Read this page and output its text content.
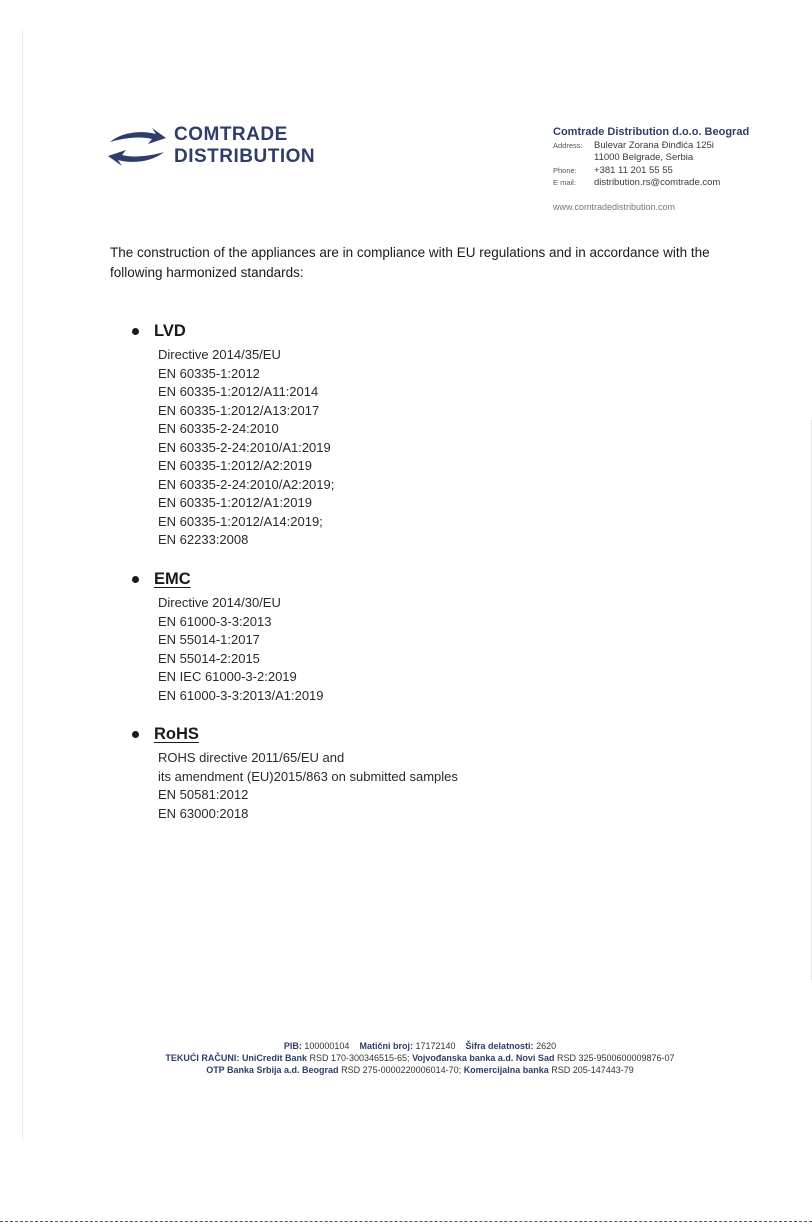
COMTRADE
DISTRIBUTION
Comtrade Distribution d.o.o. Beograd
Address:	Bulevar Zorana Đinđića 125i
11000 Belgrade, Serbia
Phone:	+381 11 201 55 55
E mail:	distribution.rs@comtrade.com
www.comtradedistribution.com
The construction of the appliances are in compliance with EU regulations and in accordance with the following harmonized standards:
LVD
Directive 2014/35/EU
EN 60335-1:2012
EN 60335-1:2012/A11:2014
EN 60335-1:2012/A13:2017
EN 60335-2-24:2010
EN 60335-2-24:2010/A1:2019
EN 60335-1:2012/A2:2019
EN 60335-2-24:2010/A2:2019;
EN 60335-1:2012/A1:2019
EN 60335-1:2012/A14:2019;
EN 62233:2008
EMC
Directive 2014/30/EU
EN 61000-3-3:2013
EN 55014-1:2017
EN 55014-2:2015
EN IEC 61000-3-2:2019
EN 61000-3-3:2013/A1:2019
RoHS
ROHS directive 2011/65/EU and
its amendment (EU)2015/863 on submitted samples
EN 50581:2012
EN 63000:2018
PIB: 100000104 Matični broj: 17172140 Šifra delatnosti: 2620
TEKUĆI RAČUNI: UniCredit Bank RSD 170-300346515-65; Vojvođanska banka a.d. Novi Sad RSD 325-9500600009876-07
OTP Banka Srbija a.d. Beograd RSD 275-0000220006014-70; Komercijalna banka RSD 205-147443-79
